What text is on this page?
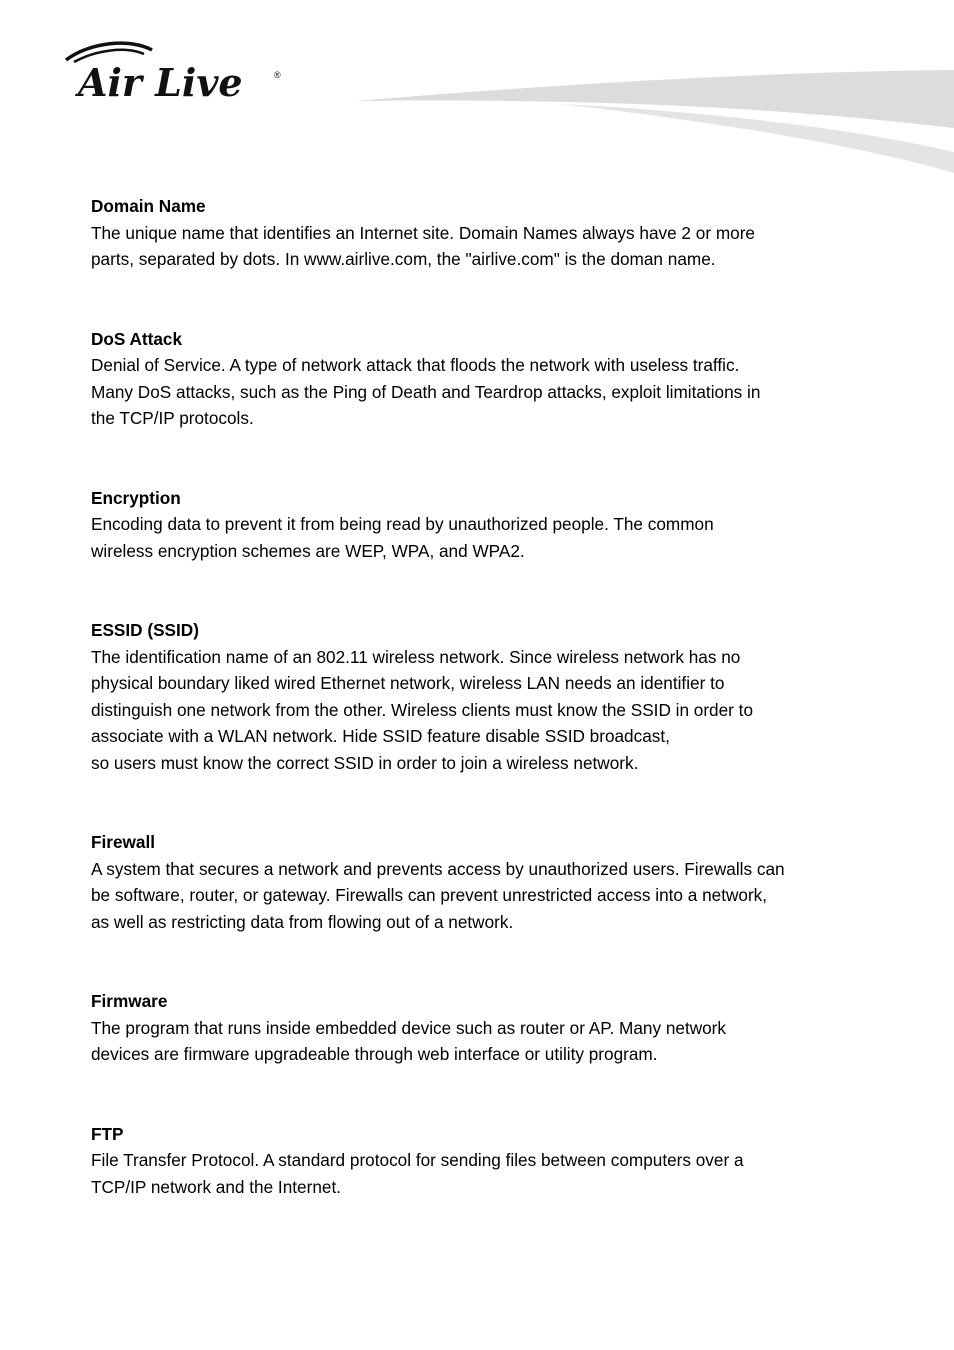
Air Live	®
Domain Name
The unique name that identifies an Internet site. Domain Names always have 2 or more
parts, separated by dots. In www.airlive.com, the "airlive.com" is the doman name.
DoS Attack
Denial of Service. A type of network attack that floods the network with useless traffic.
Many DoS attacks, such as the Ping of Death and Teardrop attacks, exploit limitations in
the TCP/IP protocols.
Encryption
Encoding data to prevent it from being read by unauthorized people. The common
wireless encryption schemes are WEP, WPA, and WPA2.
ESSID (SSID)
The identification name of an 802.11 wireless network. Since wireless network has no
physical boundary liked wired Ethernet network, wireless LAN needs an identifier to
distinguish one network from the other. Wireless clients must know the SSID in order to
associate with a WLAN network. Hide SSID feature disable SSID broadcast,
so users must know the correct SSID in order to join a wireless network.
Firewall
A system that secures a network and prevents access by unauthorized users. Firewalls can
be software, router, or gateway. Firewalls can prevent unrestricted access into a network,
as well as restricting data from flowing out of a network.
Firmware
The program that runs inside embedded device such as router or AP. Many network
devices are firmware upgradeable through web interface or utility program.
FTP
File Transfer Protocol. A standard protocol for sending files between computers over a
TCP/IP network and the Internet.
